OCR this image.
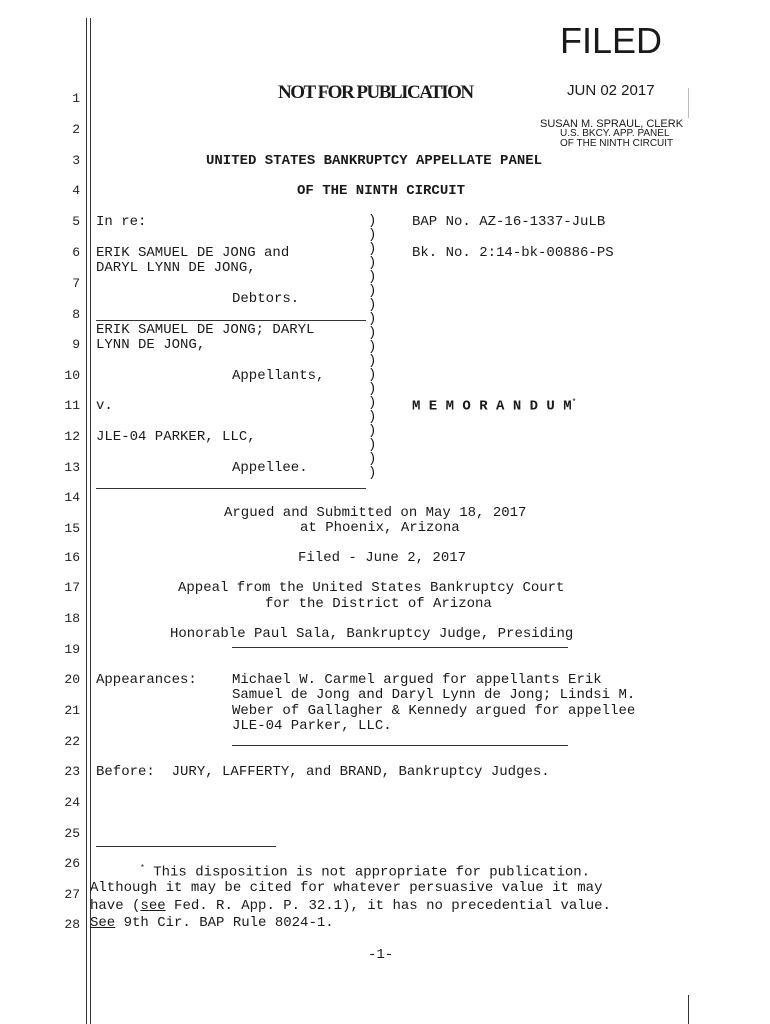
FILED
JUN 02 2017
SUSAN M. SPRAUL, CLERK
U.S. BKCY. APP. PANEL
OF THE NINTH CIRCUIT
NOT FOR PUBLICATION
UNITED STATES BANKRUPTCY APPELLATE PANEL
OF THE NINTH CIRCUIT
1
2
3
4
5
6
7
8
9
10
11
12
13
14
15
16
17
18
19
20
21
22
23
24
25
26
27
28
In re:
ERIK SAMUEL DE JONG and
DARYL LYNN DE JONG,
Debtors.
ERIK SAMUEL DE JONG; DARYL
LYNN DE JONG,
Appellants,
v.
JLE-04 PARKER, LLC,
Appellee.
)
)
)
)
)
)
)
)
)
)
)
)
)
)
)
)
)
)
)
BAP No. AZ-16-1337-JuLB
Bk. No. 2:14-bk-00886-PS
M E M O R A N D U M*
Argued and Submitted on May 18, 2017
at Phoenix, Arizona
Filed - June 2, 2017
Appeal from the United States Bankruptcy Court
for the District of Arizona
Honorable Paul Sala, Bankruptcy Judge, Presiding
Appearances:	Michael W. Carmel argued for appellants Erik
Samuel de Jong and Daryl Lynn de Jong; Lindsi M.
Weber of Gallagher & Kennedy argued for appellee
JLE-04 Parker, LLC.
Before:  JURY, LAFFERTY, and BRAND, Bankruptcy Judges.
* This disposition is not appropriate for publication.
Although it may be cited for whatever persuasive value it may
have (see Fed. R. App. P. 32.1), it has no precedential value.
See 9th Cir. BAP Rule 8024-1.
-1-
